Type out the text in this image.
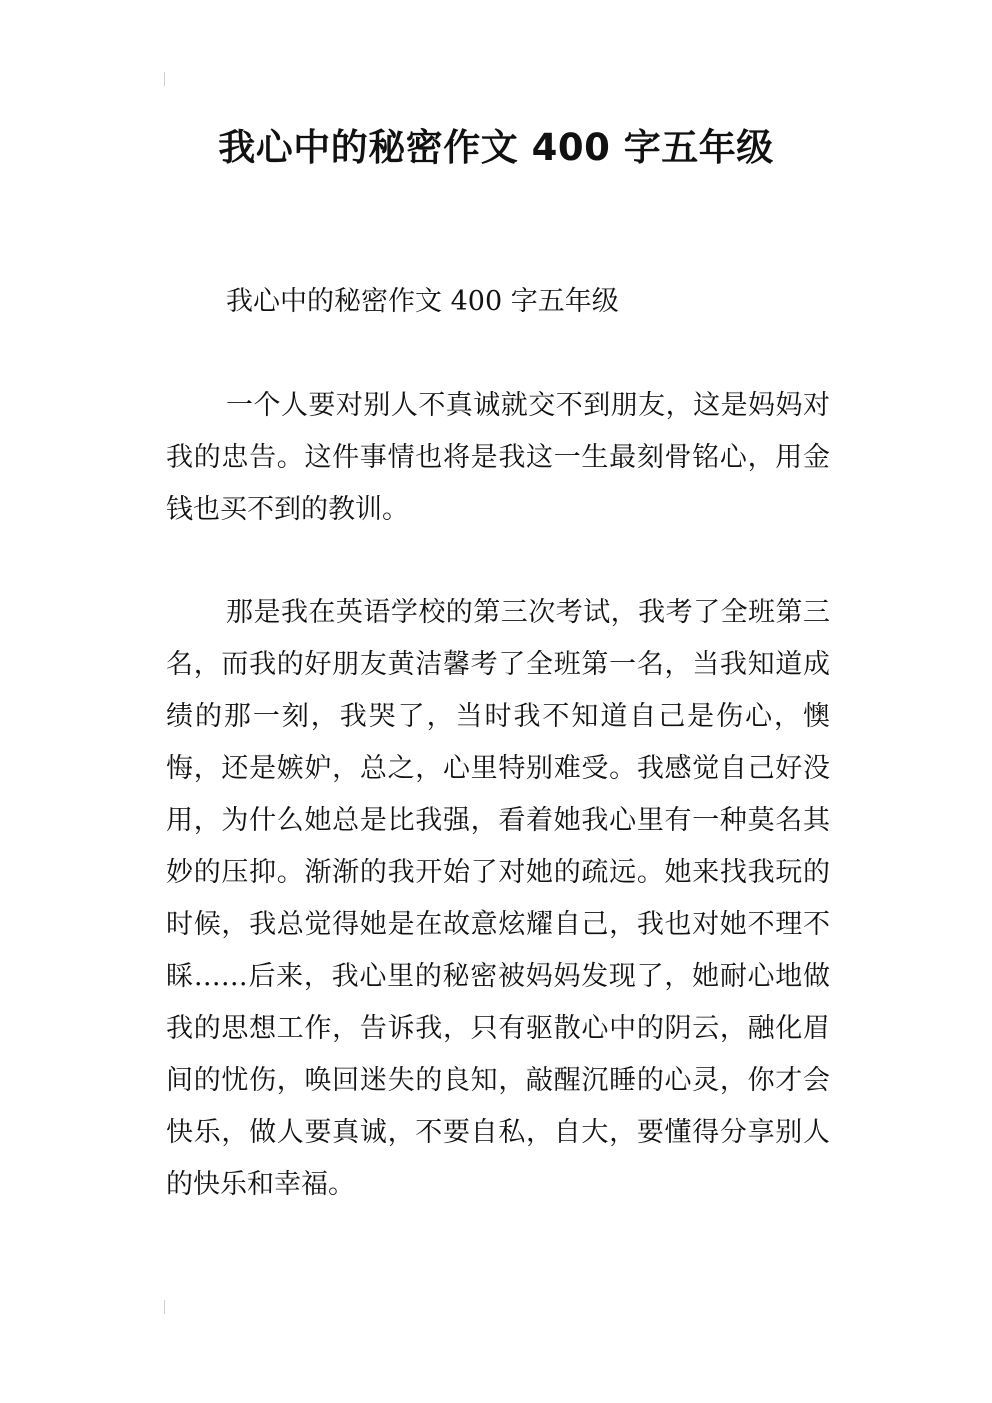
我心中的秘密作文 400 字五年级

我心中的秘密作文 400 字五年级

一个人要对别人不真诚就交不到朋友，这是妈妈对我的忠告。这件事情也将是我这一生最刻骨铭心，用金钱也买不到的教训。

那是我在英语学校的第三次考试，我考了全班第三名，而我的好朋友黄洁馨考了全班第一名，当我知道成绩的那一刻，我哭了，当时我不知道自己是伤心，懊悔，还是嫉妒，总之，心里特别难受。我感觉自己好没用，为什么她总是比我强，看着她我心里有一种莫名其妙的压抑。渐渐的我开始了对她的疏远。她来找我玩的时候，我总觉得她是在故意炫耀自己，我也对她不理不睬……后来，我心里的秘密被妈妈发现了，她耐心地做我的思想工作，告诉我，只有驱散心中的阴云，融化眉间的忧伤，唤回迷失的良知，敲醒沉睡的心灵，你才会快乐，做人要真诚，不要自私，自大，要懂得分享别人的快乐和幸福。
